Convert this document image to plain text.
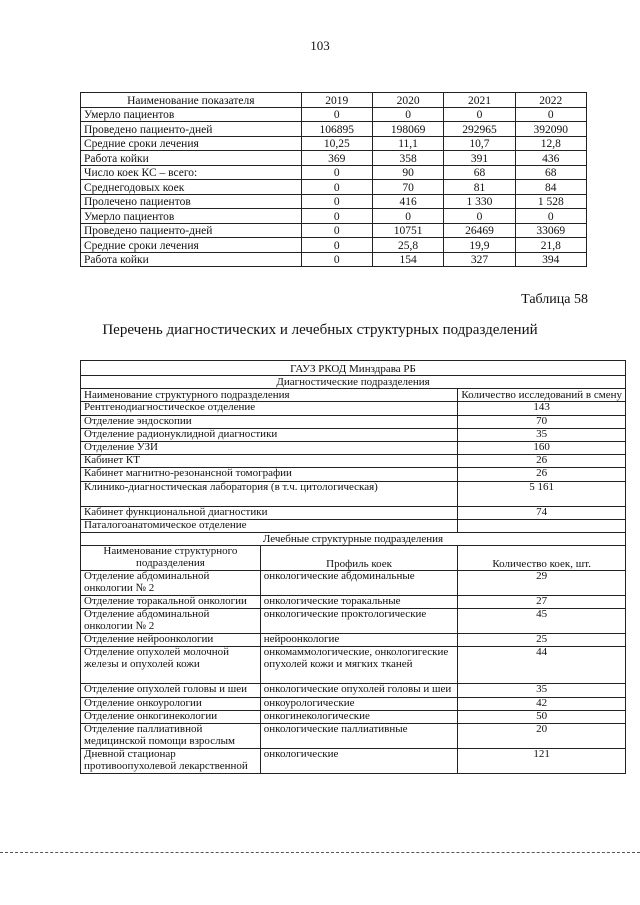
103
Наименование показателя	2019	2020	2021	2022
Умерло пациентов	0	0	0	0
Проведено пациенто-дней	106895	198069	292965	392090
Средние сроки лечения	10,25	11,1	10,7	12,8
Работа койки	369	358	391	436
Число коек КС – всего:	0	90	68	68
Среднегодовых коек	0	70	81	84
Пролечено пациентов	0	416	1 330	1 528
Умерло пациентов	0	0	0	0
Проведено пациенто-дней	0	10751	26469	33069
Средние сроки лечения	0	25,8	19,9	21,8
Работа койки	0	154	327	394
Таблица 58
Перечень диагностических и лечебных структурных подразделений
ГАУЗ РКОД Минздрава РБ		
Диагностические подразделения		
Наименование структурного подразделения		Количество исследований в смену
Рентгенодиагностическое отделение		143
Отделение эндоскопии		70
Отделение радионуклидной диагностики		35
Отделение УЗИ		160
Кабинет КТ		26
Кабинет магнитно-резонансной томографии		26
Клинико-диагностическая лаборатория (в т.ч. цитологическая)		5 161
Кабинет функциональной диагностики		74
Паталогоанатомическое отделение		
Лечебные структурные подразделения		
Наименование структурного подразделения	Профиль коек	Количество коек, шт.
Отделение абдоминальной онкологии № 2	онкологические абдоминальные	29
Отделение торакальной онкологии	онкологические торакальные	27
Отделение абдоминальной онкологии № 2	онкологические проктологические	45
Отделение нейроонкологии	нейроонкологие	25
Отделение опухолей молочной железы и опухолей кожи	онкомаммологические, онкологигеские опухолей кожи и мягких тканей	44
Отделение опухолей головы и шеи	онкологические опухолей головы и шеи	35
Отделение онкоурологии	онкоурологические	42
Отделение онкогинекологии	онкогинекологические	50
Отделение паллиативной медицинской помощи взрослым	онкологические паллиативные	20
Дневной стационар противоопухолевой лекарственной	онкологические	121
